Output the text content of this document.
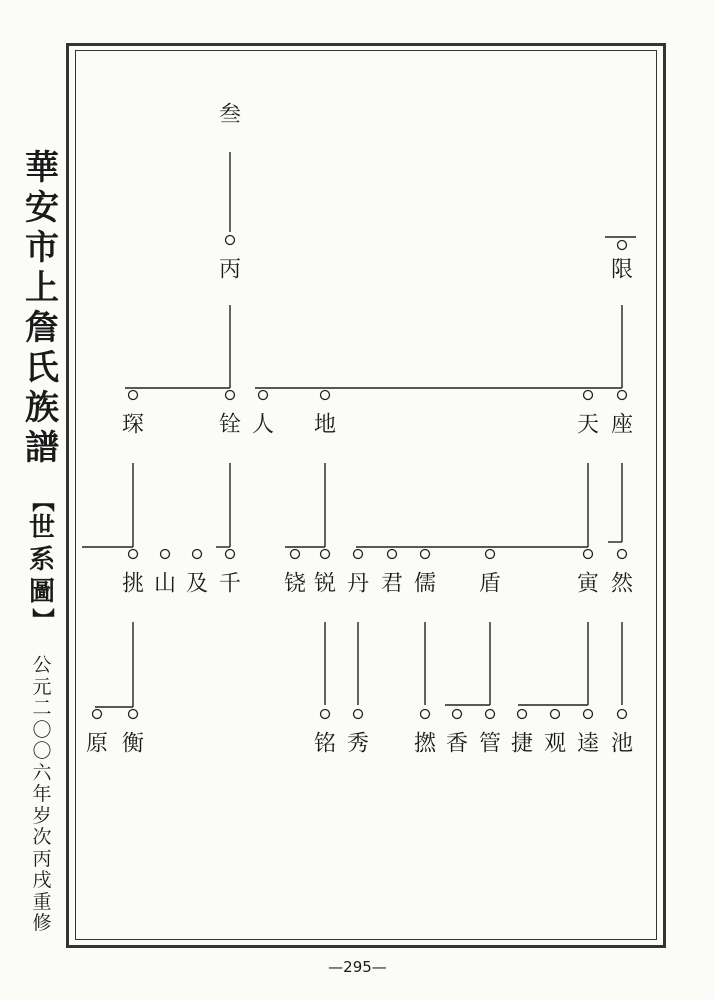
華
安
市
上
詹
氏
族
譜
【
世
系
圖
】
公
元
二
〇
〇
六
年
岁
次
丙
戌
重
修
叁
限
丙
琛	铨 人 地	天 座
挑 山 及 千 铙 锐 丹 君 儒 盾	寅 然
原 衡	铭 秀 撚 香 管 捷 观 逵 池
—295—
